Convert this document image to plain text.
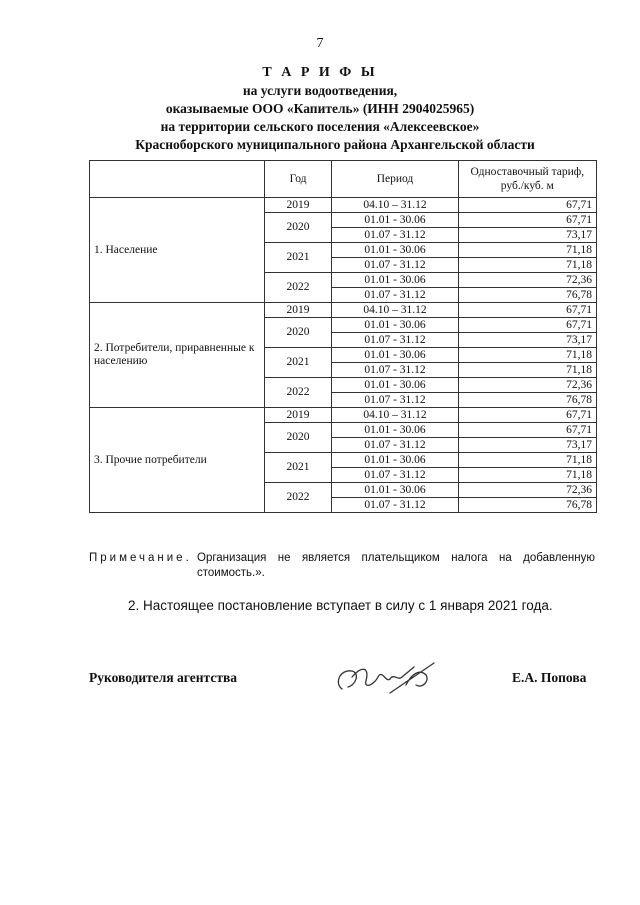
7
Т А Р И Ф Ы
на услуги водоотведения,
оказываемые ООО «Капитель» (ИНН 2904025965)
на территории сельского поселения «Алексеевское»
Красноборского муниципального района Архангельской области
	Год	Период	Одноставочный тариф, руб./куб. м
1. Население	2019	04.10 – 31.12	67,71
	2020	01.01 - 30.06	67,71
		01.07 - 31.12	73,17
	2021	01.01 - 30.06	71,18
		01.07 - 31.12	71,18
	2022	01.01 - 30.06	72,36
		01.07 - 31.12	76,78
2. Потребители, приравненные к населению	2019	04.10 – 31.12	67,71
	2020	01.01 - 30.06	67,71
		01.07 - 31.12	73,17
	2021	01.01 - 30.06	71,18
		01.07 - 31.12	71,18
	2022	01.01 - 30.06	72,36
		01.07 - 31.12	76,78
3. Прочие потребители	2019	04.10 – 31.12	67,71
	2020	01.01 - 30.06	67,71
		01.07 - 31.12	73,17
	2021	01.01 - 30.06	71,18
		01.07 - 31.12	71,18
	2022	01.01 - 30.06	72,36
		01.07 - 31.12	76,78
Примечание. Организация не является плательщиком налога на добавленную стоимость.».
2. Настоящее постановление вступает в силу с 1 января 2021 года.
Руководителя агентства	Е.А. Попова
